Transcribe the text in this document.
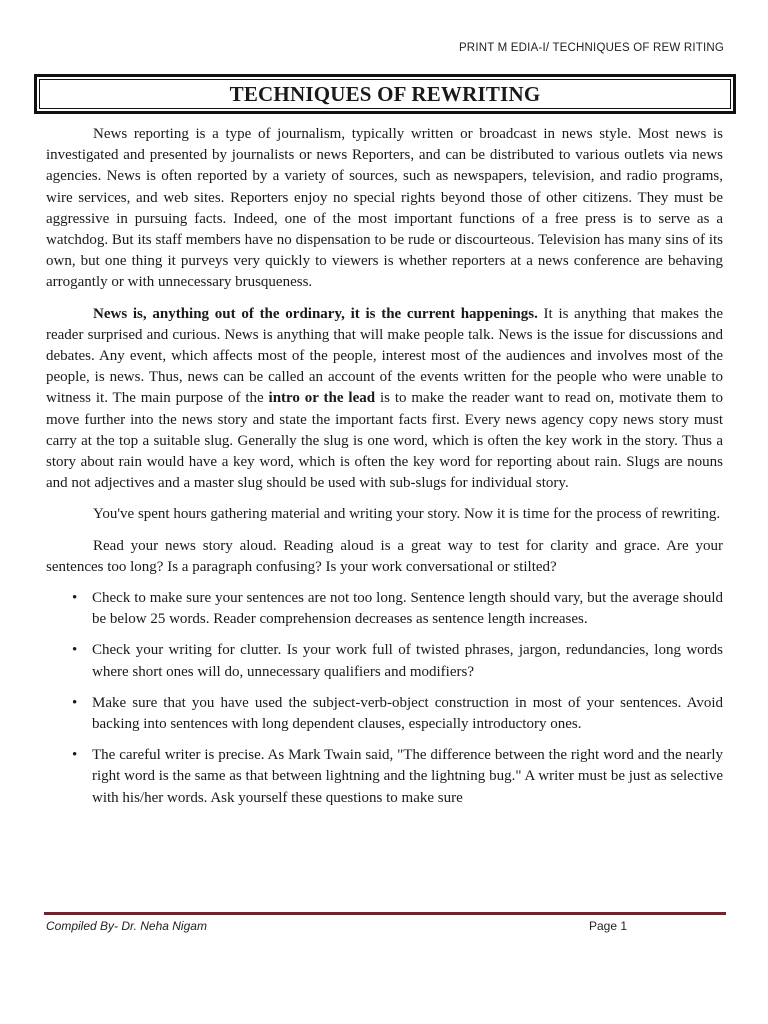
PRINT M EDIA-I/ TECHNIQUES OF REW RITING
TECHNIQUES OF REWRITING

News reporting is a type of journalism, typically written or broadcast in news style. Most news is investigated and presented by journalists or news Reporters, and can be distributed to various outlets via news agencies. News is often reported by a variety of sources, such as newspapers, television, and radio programs, wire services, and web sites. Reporters enjoy no special rights beyond those of other citizens. They must be aggressive in pursuing facts. Indeed, one of the most important functions of a free press is to serve as a watchdog. But its staff members have no dispensation to be rude or discourteous. Television has many sins of its own, but one thing it purveys very quickly to viewers is whether reporters at a news conference are behaving arrogantly or with unnecessary brusqueness.

News is, anything out of the ordinary, it is the current happenings. It is anything that makes the reader surprised and curious. News is anything that will make people talk. News is the issue for discussions and debates. Any event, which affects most of the people, interest most of the audiences and involves most of the people, is news. Thus, news can be called an account of the events written for the people who were unable to witness it. The main purpose of the intro or the lead is to make the reader want to read on, motivate them to move further into the news story and state the important facts first. Every news agency copy news story must carry at the top a suitable slug. Generally the slug is one word, which is often the key work in the story. Thus a story about rain would have a key word, which is often the key word for reporting about rain. Slugs are nouns and not adjectives and a master slug should be used with sub-slugs for individual story.

You've spent hours gathering material and writing your story. Now it is time for the process of rewriting.

Read your news story aloud. Reading aloud is a great way to test for clarity and grace. Are your sentences too long? Is a paragraph confusing? Is your work conversational or stilted?

• Check to make sure your sentences are not too long. Sentence length should vary, but the average should be below 25 words. Reader comprehension decreases as sentence length increases.
• Check your writing for clutter. Is your work full of twisted phrases, jargon, redundancies, long words where short ones will do, unnecessary qualifiers and modifiers?
• Make sure that you have used the subject-verb-object construction in most of your sentences. Avoid backing into sentences with long dependent clauses, especially introductory ones.
• The careful writer is precise. As Mark Twain said, "The difference between the right word and the nearly right word is the same as that between lightning and the lightning bug." A writer must be just as selective with his/her words. Ask yourself these questions to make sure
Compiled By- Dr. Neha Nigam	Page 1
